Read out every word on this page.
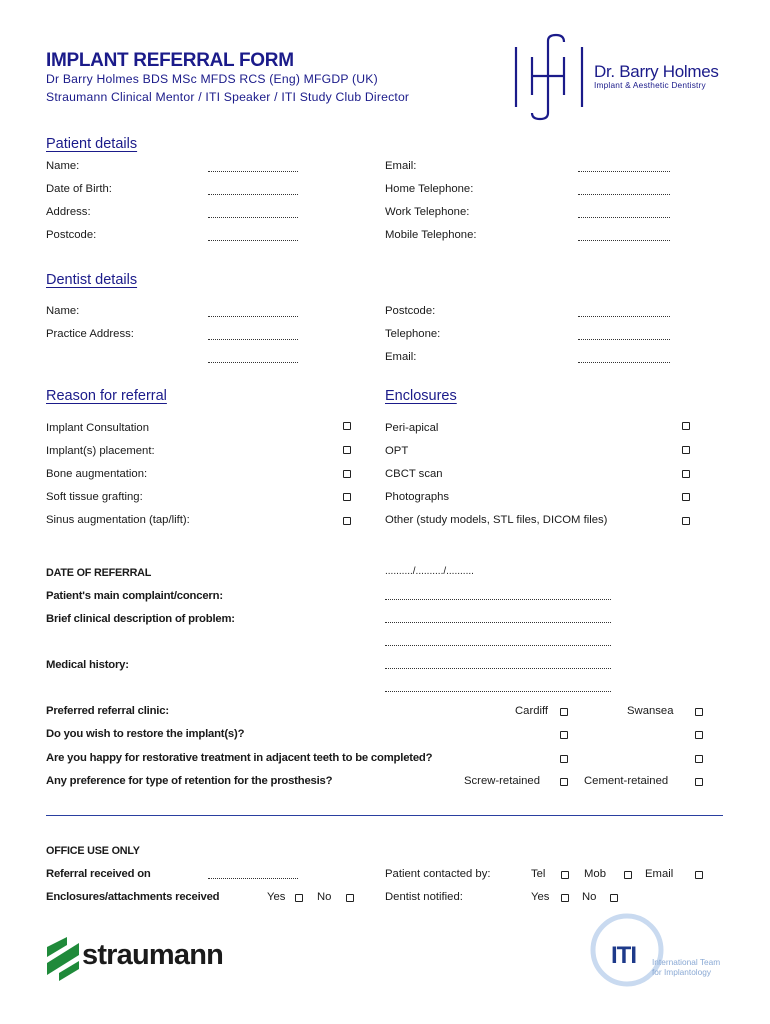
IMPLANT REFERRAL FORM
Dr Barry Holmes BDS MSc MFDS RCS (Eng) MFGDP (UK)
Straumann Clinical Mentor / ITI Speaker / ITI Study Club Director
Dr. Barry Holmes
Implant & Aesthetic Dentistry
Patient details
Name:
Date of Birth:
Address:
Postcode:
Email:
Home Telephone:
Work Telephone:
Mobile Telephone:
Dentist details
Name:
Practice Address:
Postcode:
Telephone:
Email:
Reason for referral
Implant Consultation
Implant(s) placement:
Bone augmentation:
Soft tissue grafting:
Sinus augmentation (tap/lift):
Enclosures
Peri-apical
OPT
CBCT scan
Photographs
Other (study models, STL files, DICOM files)
DATE OF REFERRAL	........../........../..........
Patient's main complaint/concern:
Brief clinical description of problem:
Medical history:
Preferred referral clinic:	Cardiff	Swansea
Do you wish to restore the implant(s)?
Are you happy for restorative treatment in adjacent teeth to be completed?
Any preference for type of retention for the prosthesis?	Screw-retained	Cement-retained
OFFICE USE ONLY
Referral received on
Enclosures/attachments received	Yes	No
Patient contacted by:	Tel	Mob	Email
Dentist notified:	Yes	No
straumann	ITI International Team
for Implantology
